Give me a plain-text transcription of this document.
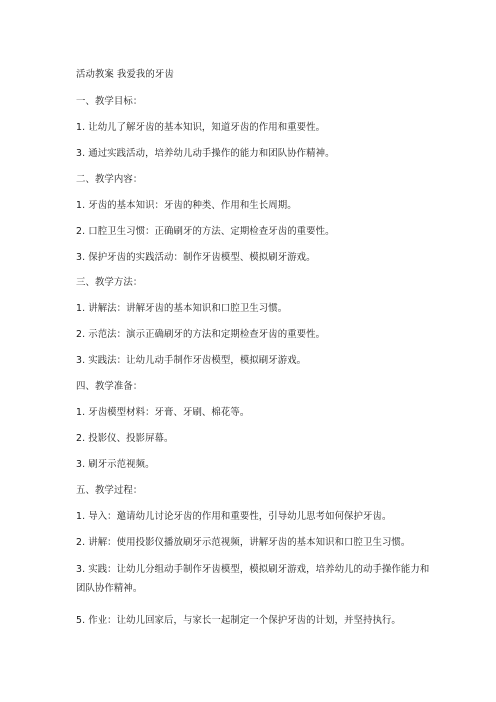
活动教案 我爱我的牙齿
一、教学目标：
1. 让幼儿了解牙齿的基本知识，知道牙齿的作用和重要性。
3. 通过实践活动，培养幼儿动手操作的能力和团队协作精神。
二、教学内容：
1. 牙齿的基本知识：牙齿的种类、作用和生长周期。
2. 口腔卫生习惯：正确刷牙的方法、定期检查牙齿的重要性。
3. 保护牙齿的实践活动：制作牙齿模型、模拟刷牙游戏。
三、教学方法：
1. 讲解法：讲解牙齿的基本知识和口腔卫生习惯。
2. 示范法：演示正确刷牙的方法和定期检查牙齿的重要性。
3. 实践法：让幼儿动手制作牙齿模型，模拟刷牙游戏。
四、教学准备：
1. 牙齿模型材料：牙膏、牙刷、棉花等。
2. 投影仪、投影屏幕。
3. 刷牙示范视频。
五、教学过程：
1. 导入：邀请幼儿讨论牙齿的作用和重要性，引导幼儿思考如何保护牙齿。
2. 讲解：使用投影仪播放刷牙示范视频，讲解牙齿的基本知识和口腔卫生习惯。
3. 实践：让幼儿分组动手制作牙齿模型，模拟刷牙游戏，培养幼儿的动手操作能力和团队协作精神。
5. 作业：让幼儿回家后，与家长一起制定一个保护牙齿的计划，并坚持执行。
